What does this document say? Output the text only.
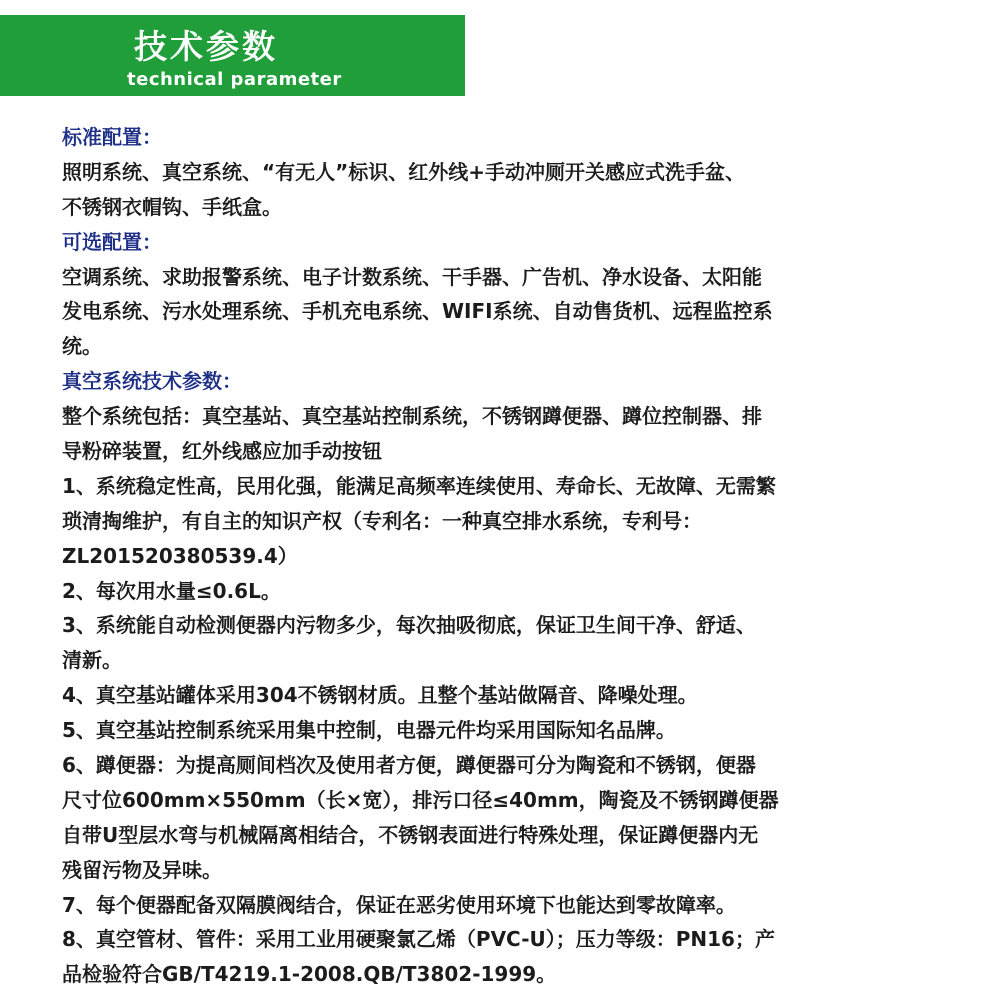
技术参数
technical parameter
标准配置：
照明系统、真空系统、“有无人”标识、红外线+手动冲厕开关感应式洗手盆、
不锈钢衣帽钩、手纸盒。
可选配置：
空调系统、求助报警系统、电子计数系统、干手器、广告机、净水设备、太阳能
发电系统、污水处理系统、手机充电系统、WIFI系统、自动售货机、远程监控系
统。
真空系统技术参数：
整个系统包括：真空基站、真空基站控制系统，不锈钢蹲便器、蹲位控制器、排
导粉碎装置，红外线感应加手动按钮
1、系统稳定性高，民用化强，能满足高频率连续使用、寿命长、无故障、无需繁
琐清掏维护，有自主的知识产权（专利名：一种真空排水系统，专利号：
ZL201520380539.4）
2、每次用水量≤0.6L。
3、系统能自动检测便器内污物多少，每次抽吸彻底，保证卫生间干净、舒适、
清新。
4、真空基站罐体采用304不锈钢材质。且整个基站做隔音、降噪处理。
5、真空基站控制系统采用集中控制，电器元件均采用国际知名品牌。
6、蹲便器：为提高厕间档次及使用者方便，蹲便器可分为陶瓷和不锈钢，便器
尺寸位600mm×550mm（长×宽），排污口径≤40mm，陶瓷及不锈钢蹲便器
自带U型层水弯与机械隔离相结合，不锈钢表面进行特殊处理，保证蹲便器内无
残留污物及异味。
7、每个便器配备双隔膜阀结合，保证在恶劣使用环境下也能达到零故障率。
8、真空管材、管件：采用工业用硬聚氯乙烯（PVC-U）；压力等级：PN16；产
品检验符合GB/T4219.1-2008.QB/T3802-1999。
